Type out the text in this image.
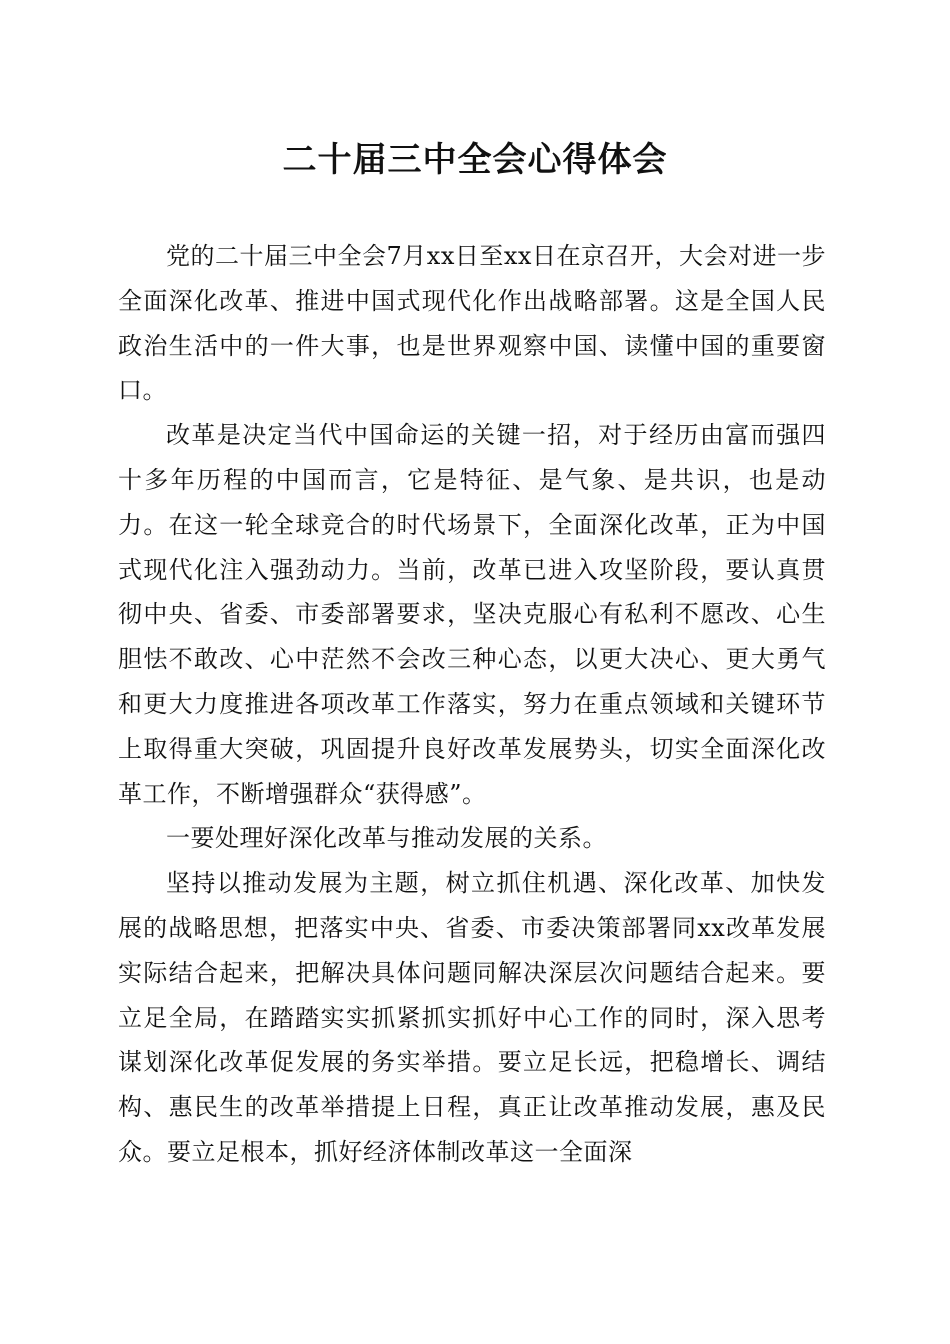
二十届三中全会心得体会

党的二十届三中全会7月xx日至xx日在京召开，大会对进一步全面深化改革、推进中国式现代化作出战略部署。这是全国人民政治生活中的一件大事，也是世界观察中国、读懂中国的重要窗口。

改革是决定当代中国命运的关键一招，对于经历由富而强四十多年历程的中国而言，它是特征、是气象、是共识，也是动力。在这一轮全球竞合的时代场景下，全面深化改革，正为中国式现代化注入强劲动力。当前，改革已进入攻坚阶段，要认真贯彻中央、省委、市委部署要求，坚决克服心有私利不愿改、心生胆怯不敢改、心中茫然不会改三种心态，以更大决心、更大勇气和更大力度推进各项改革工作落实，努力在重点领域和关键环节上取得重大突破，巩固提升良好改革发展势头，切实全面深化改革工作，不断增强群众“获得感”。

一要处理好深化改革与推动发展的关系。

坚持以推动发展为主题，树立抓住机遇、深化改革、加快发展的战略思想，把落实中央、省委、市委决策部署同xx改革发展实际结合起来，把解决具体问题同解决深层次问题结合起来。要立足全局，在踏踏实实抓紧抓实抓好中心工作的同时，深入思考谋划深化改革促发展的务实举措。要立足长远，把稳增长、调结构、惠民生的改革举措提上日程，真正让改革推动发展，惠及民众。要立足根本，抓好经济体制改革这一全面深
